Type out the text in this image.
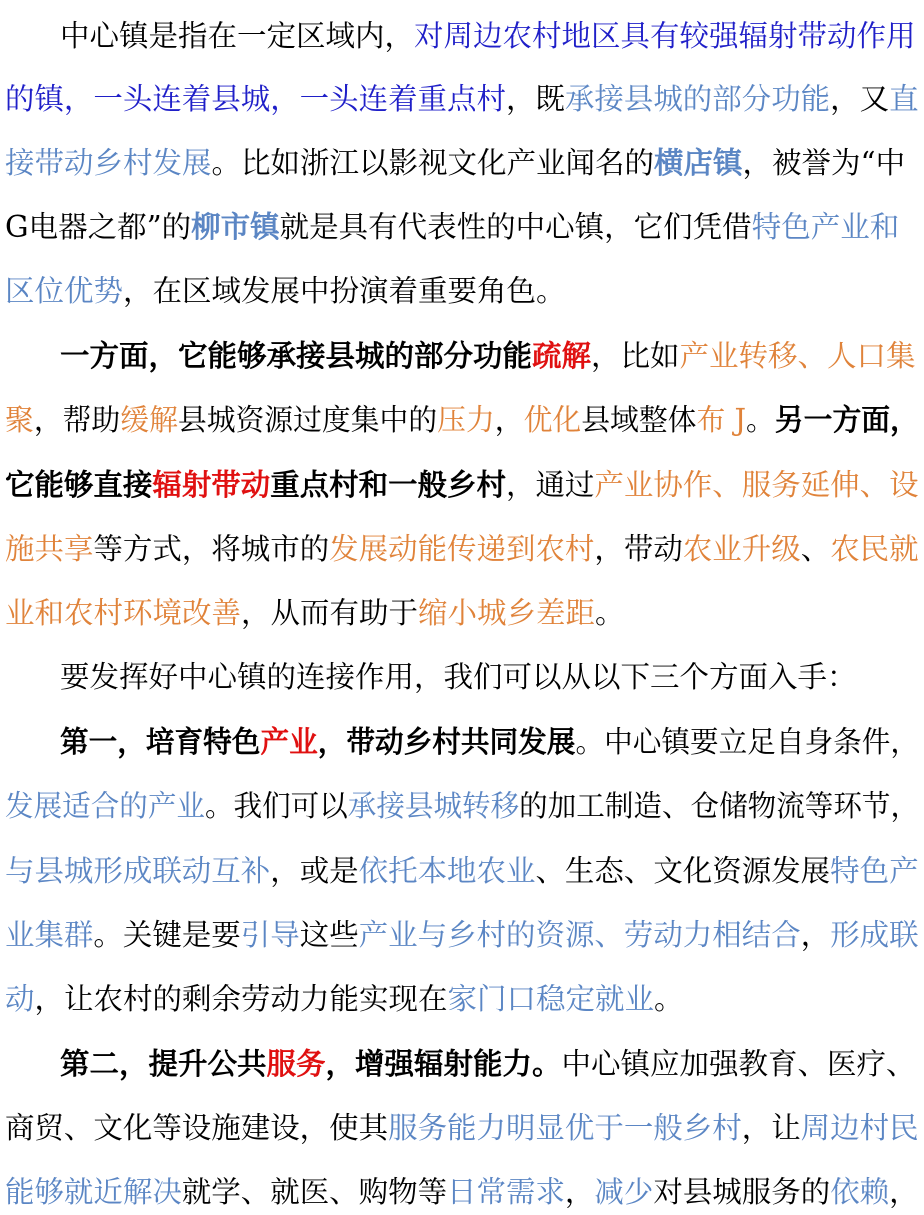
中心镇是指在一定区域内，对周边农村地区具有较强辐射带动作用
的镇，一头连着县城，一头连着重点村，既承接县城的部分功能，又直
接带动乡村发展。比如浙江以影视文化产业闻名的横店镇，被誉为“中
G电器之都”的柳市镇就是具有代表性的中心镇，它们凭借特色产业和
区位优势，在区域发展中扮演着重要角色。
一方面，它能够承接县城的部分功能疏解，比如产业转移、人口集
聚，帮助缓解县城资源过度集中的压力，优化县域整体布 J。另一方面，
它能够直接辐射带动重点村和一般乡村，通过产业协作、服务延伸、设
施共享等方式，将城市的发展动能传递到农村，带动农业升级、农民就
业和农村环境改善，从而有助于缩小城乡差距。
要发挥好中心镇的连接作用，我们可以从以下三个方面入手：
第一，培育特色产业，带动乡村共同发展。中心镇要立足自身条件，
发展适合的产业。我们可以承接县城转移的加工制造、仓储物流等环节，
与县城形成联动互补，或是依托本地农业、生态、文化资源发展特色产
业集群。关键是要引导这些产业与乡村的资源、劳动力相结合，形成联
动，让农村的剩余劳动力能实现在家门口稳定就业。
第二，提升公共服务，增强辐射能力。中心镇应加强教育、医疗、
商贸、文化等设施建设，使其服务能力明显优于一般乡村，让周边村民
能够就近解决就学、就医、购物等日常需求，减少对县城服务的依赖，
